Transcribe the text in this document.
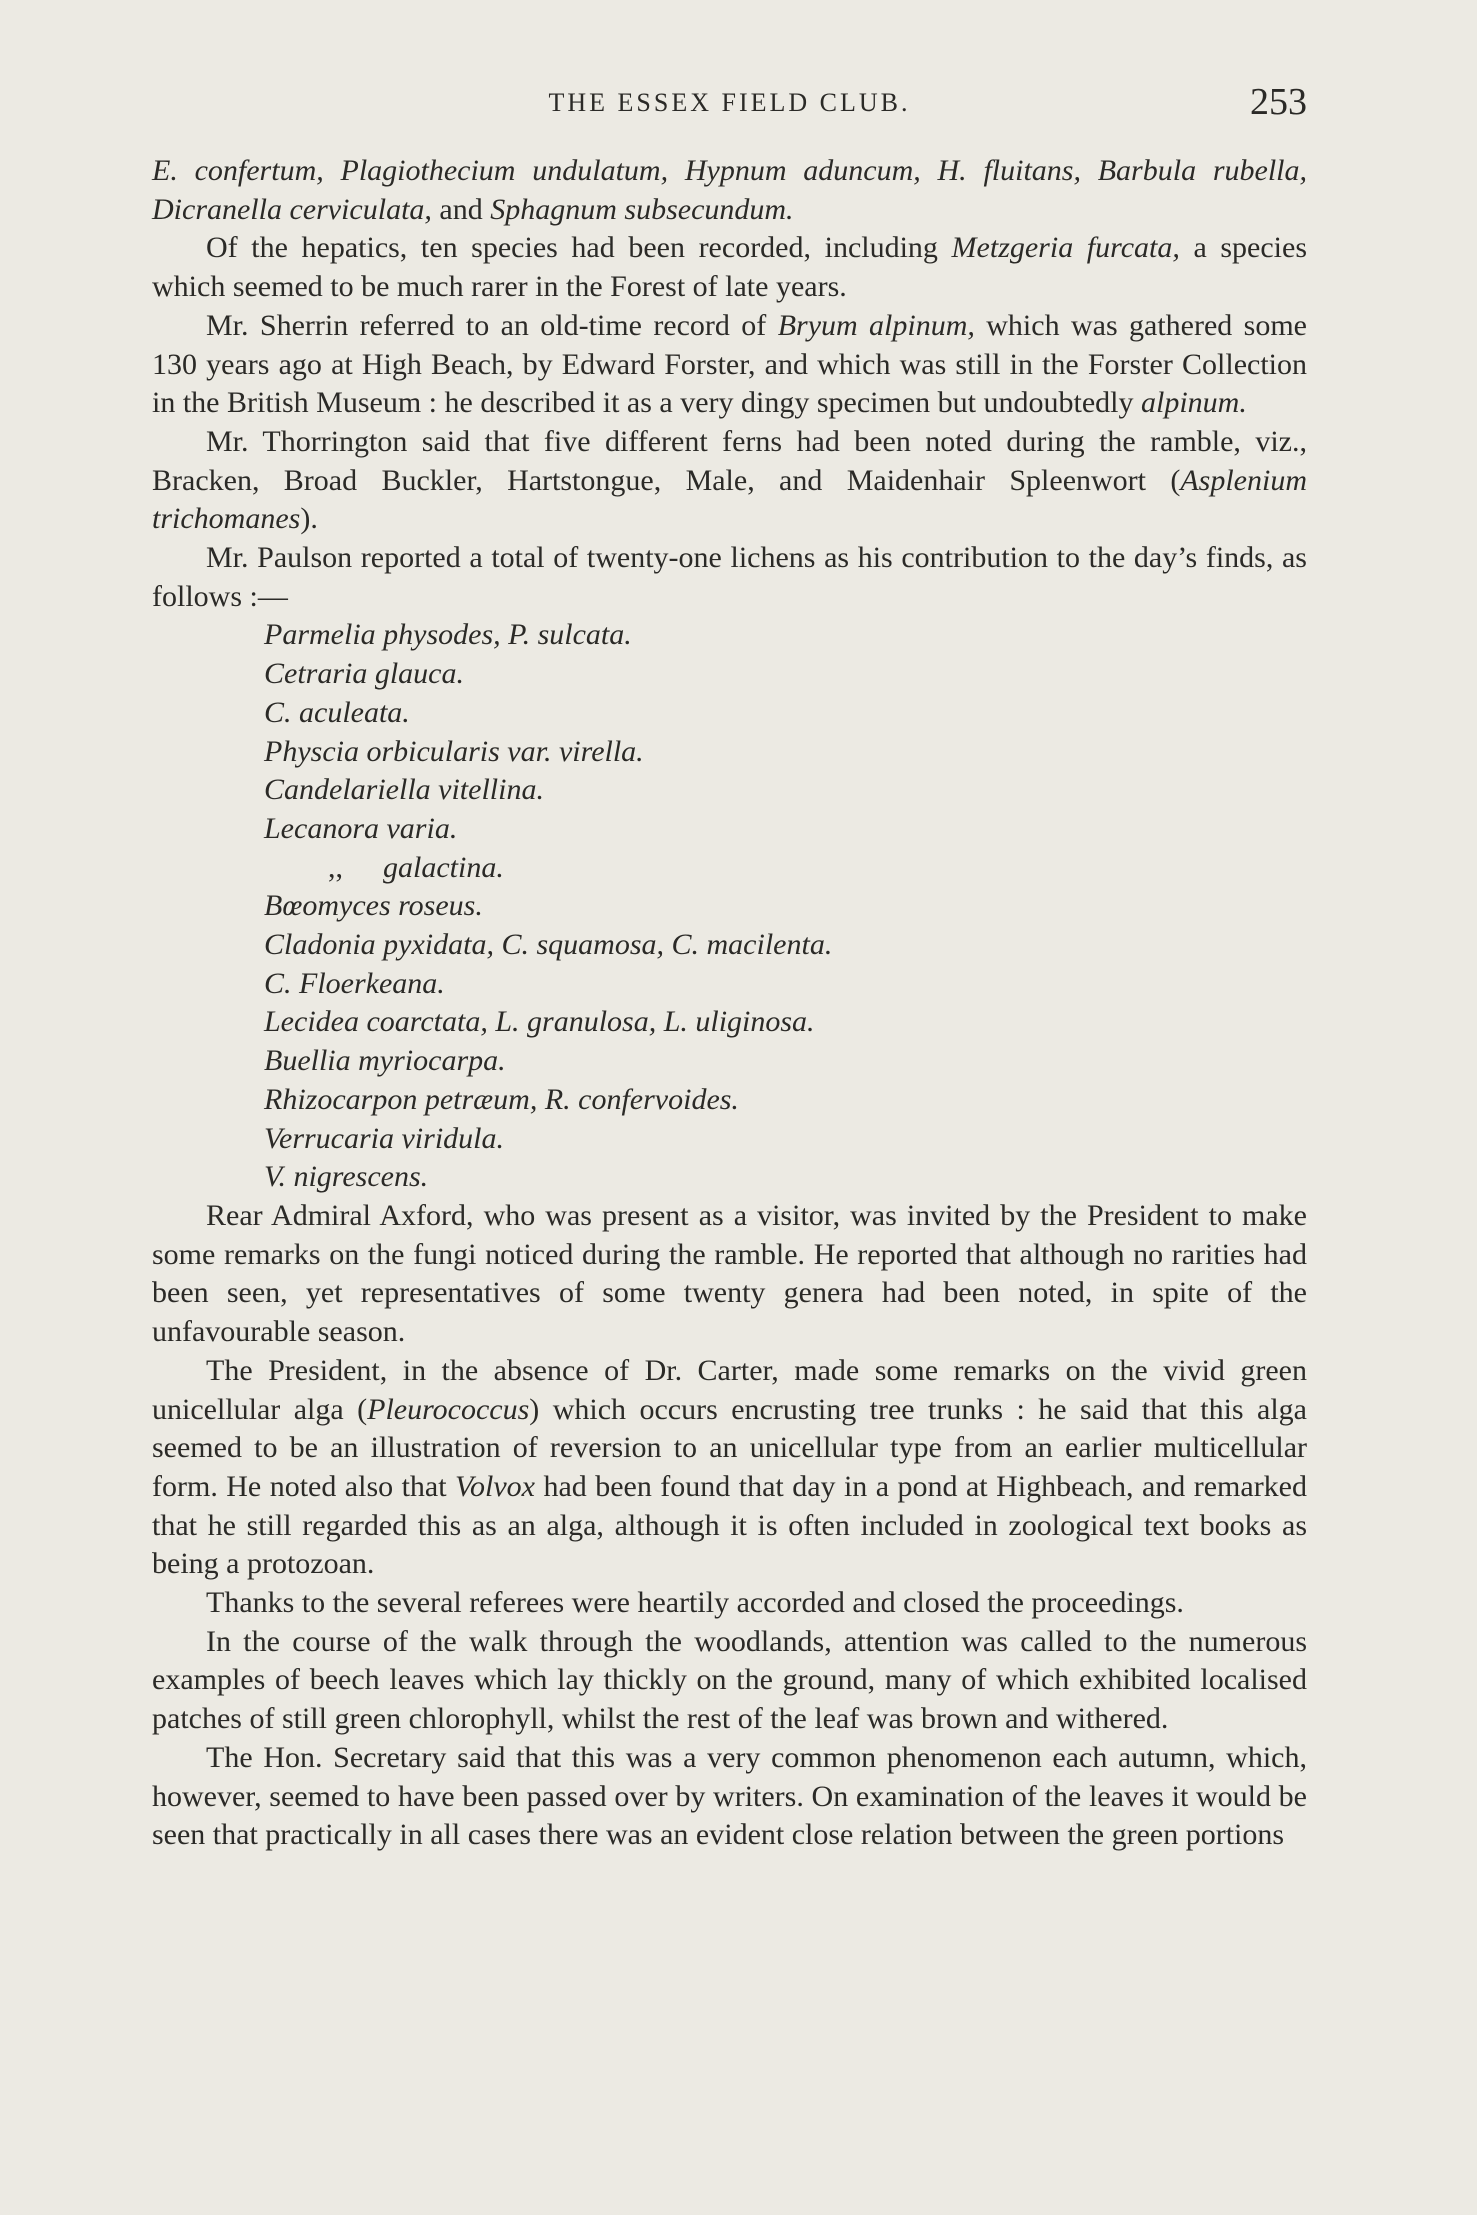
THE ESSEX FIELD CLUB.	253

E. confertum, Plagiothecium undulatum, Hypnum aduncum, H. fluitans, Barbula rubella, Dicranella cerviculata, and Sphagnum subsecundum.

Of the hepatics, ten species had been recorded, including Metzgeria furcata, a species which seemed to be much rarer in the Forest of late years.

Mr. Sherrin referred to an old-time record of Bryum alpinum, which was gathered some 130 years ago at High Beach, by Edward Forster, and which was still in the Forster Collection in the British Museum : he described it as a very dingy specimen but undoubtedly alpinum.

Mr. Thorrington said that five different ferns had been noted during the ramble, viz., Bracken, Broad Buckler, Hartstongue, Male, and Maidenhair Spleenwort (Asplenium trichomanes).

Mr. Paulson reported a total of twenty-one lichens as his contribution to the day’s finds, as follows :—

Parmelia physodes, P. sulcata.
Cetraria glauca.
C. aculeata.
Physcia orbicularis var. virella.
Candelariella vitellina.
Lecanora varia.
,, galactina.
Bœomyces roseus.
Cladonia pyxidata, C. squamosa, C. macilenta.
C. Floerkeana.
Lecidea coarctata, L. granulosa, L. uliginosa.
Buellia myriocarpa.
Rhizocarpon petræum, R. confervoides.
Verrucaria viridula.
V. nigrescens.

Rear Admiral Axford, who was present as a visitor, was invited by the President to make some remarks on the fungi noticed during the ramble. He reported that although no rarities had been seen, yet representatives of some twenty genera had been noted, in spite of the unfavourable season.

The President, in the absence of Dr. Carter, made some remarks on the vivid green unicellular alga (Pleurococcus) which occurs encrusting tree trunks : he said that this alga seemed to be an illustration of reversion to an unicellular type from an earlier multicellular form. He noted also that Volvox had been found that day in a pond at Highbeach, and remarked that he still regarded this as an alga, although it is often included in zoological text books as being a protozoan.

Thanks to the several referees were heartily accorded and closed the proceedings.

In the course of the walk through the woodlands, attention was called to the numerous examples of beech leaves which lay thickly on the ground, many of which exhibited localised patches of still green chlorophyll, whilst the rest of the leaf was brown and withered.

The Hon. Secretary said that this was a very common phenomenon each autumn, which, however, seemed to have been passed over by writers. On examination of the leaves it would be seen that practically in all cases there was an evident close relation between the green portions
